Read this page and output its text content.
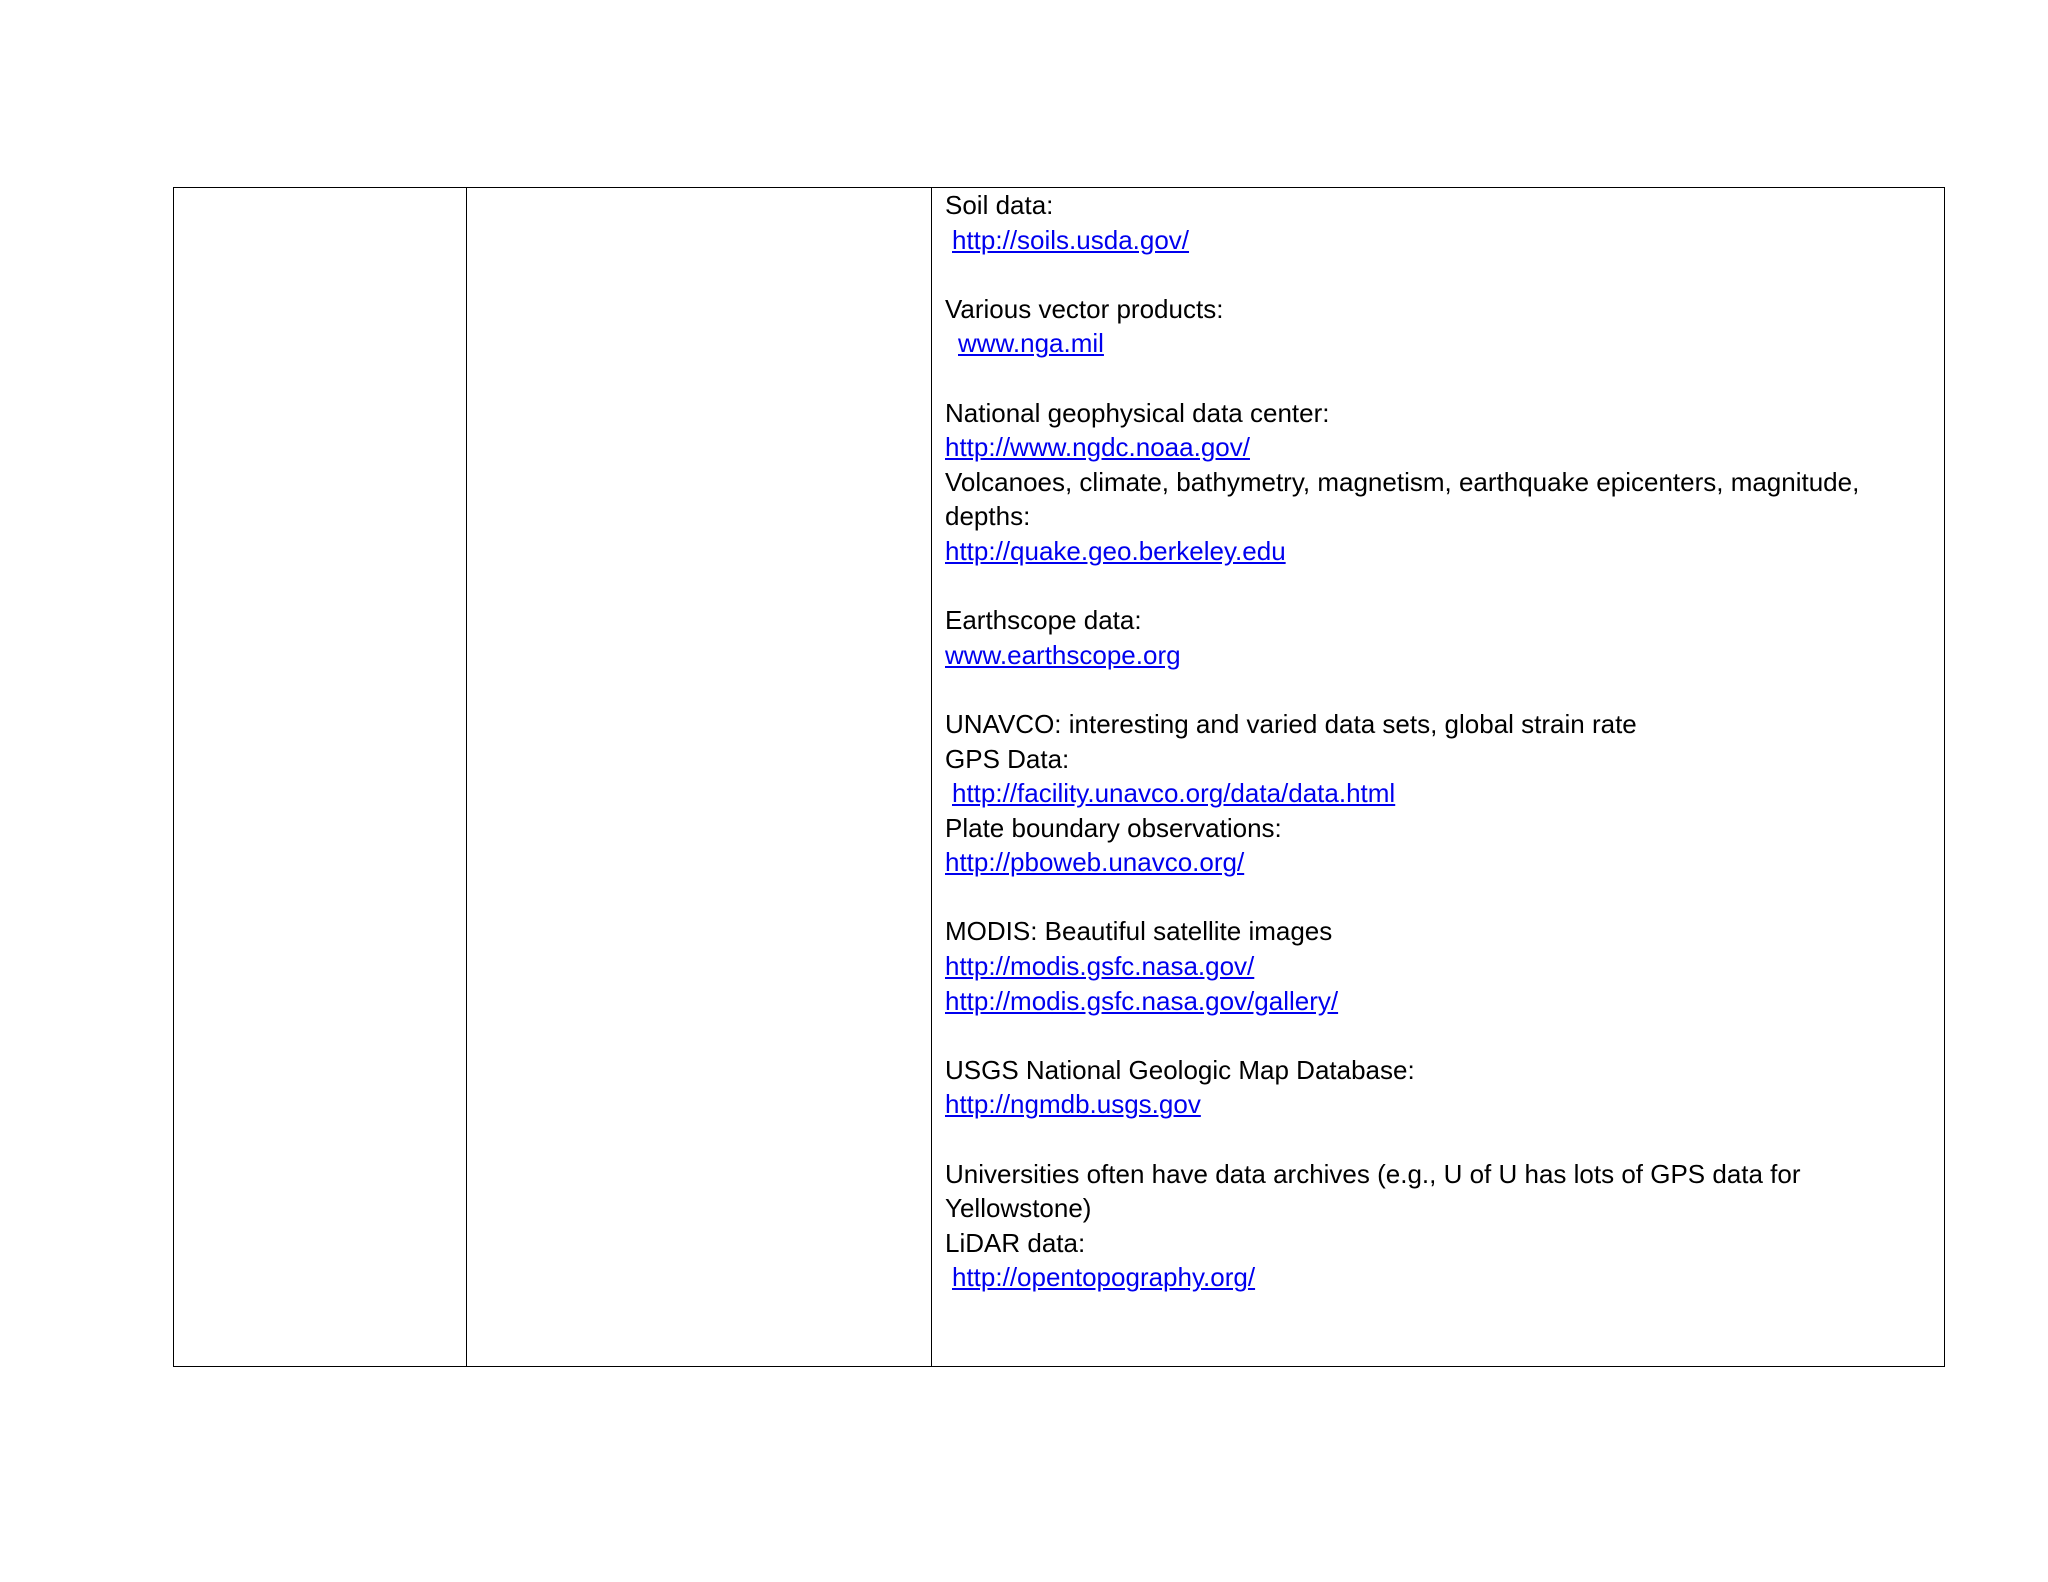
Soil data:
http://soils.usda.gov/
Various vector products:
www.nga.mil
National geophysical data center:
http://www.ngdc.noaa.gov/
Volcanoes, climate, bathymetry, magnetism, earthquake epicenters, magnitude,
depths:
http://quake.geo.berkeley.edu
Earthscope data:
www.earthscope.org
UNAVCO: interesting and varied data sets, global strain rate
GPS Data:
http://facility.unavco.org/data/data.html
Plate boundary observations:
http://pboweb.unavco.org/
MODIS: Beautiful satellite images
http://modis.gsfc.nasa.gov/
http://modis.gsfc.nasa.gov/gallery/
USGS National Geologic Map Database:
http://ngmdb.usgs.gov
Universities often have data archives (e.g., U of U has lots of GPS data for
Yellowstone)
LiDAR data:
http://opentopography.org/
